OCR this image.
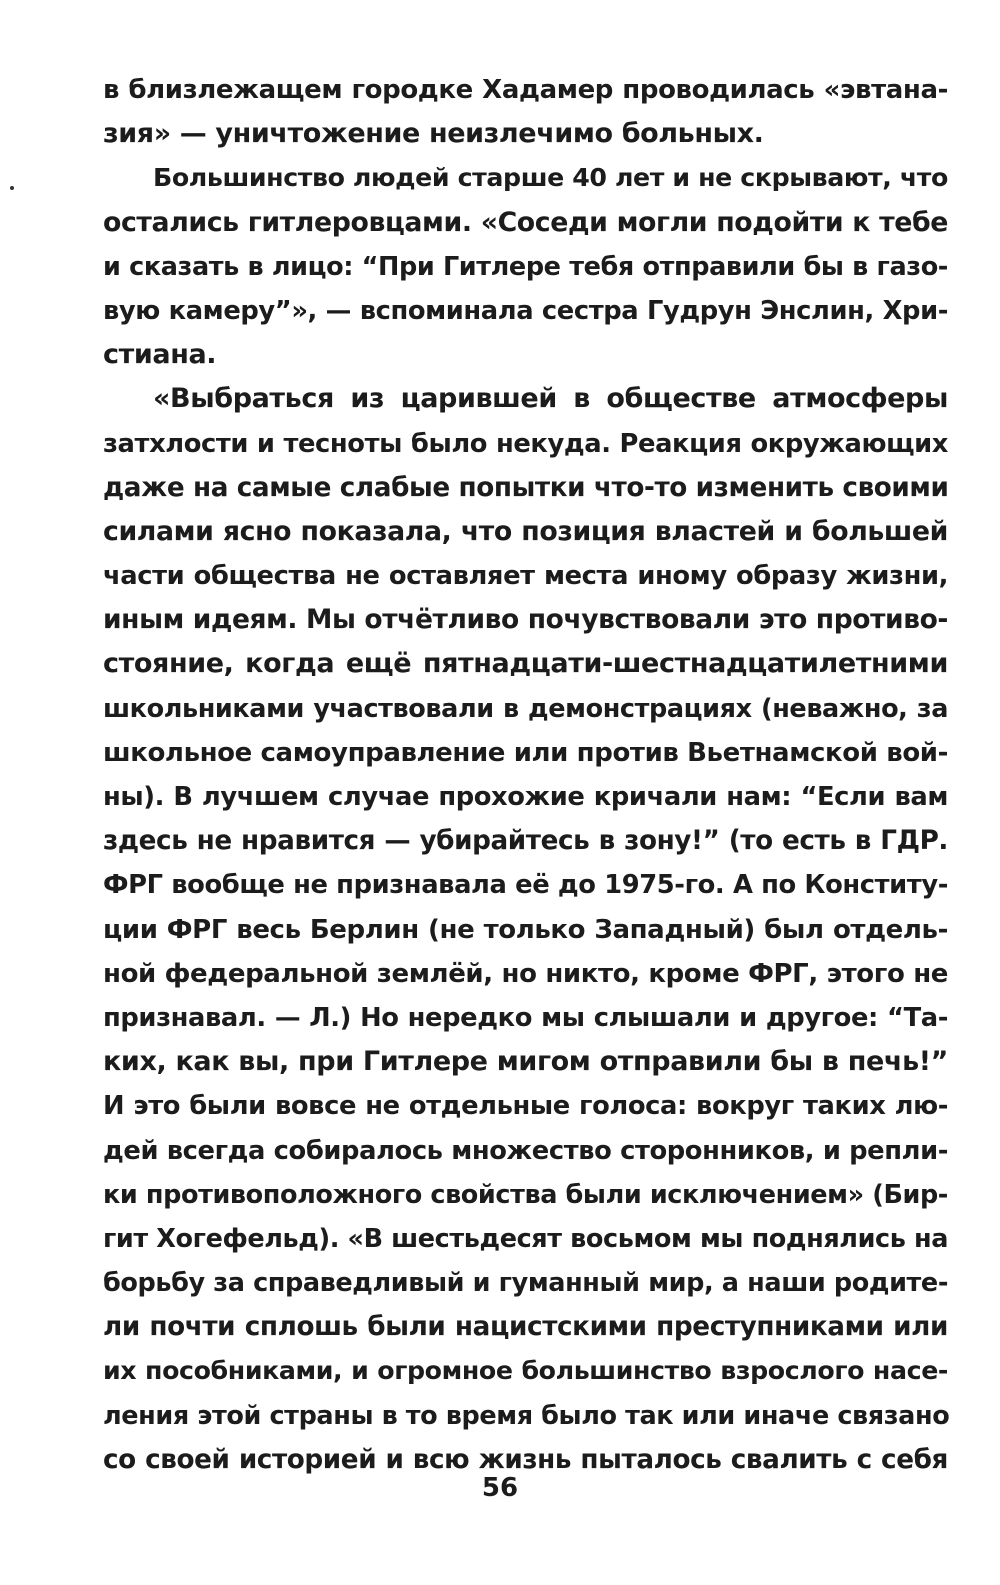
в близлежащем городке Хадамер проводилась «эвтана-
зия» — уничтожение неизлечимо больных.
Большинство людей старше 40 лет и не скрывают, что
остались гитлеровцами. «Соседи могли подойти к тебе
и сказать в лицо: “При Гитлере тебя отправили бы в газо-
вую камеру”», — вспоминала сестра Гудрун Энслин, Хри-
стиана.
«Выбраться из царившей в обществе атмосферы
затхлости и тесноты было некуда. Реакция окружающих
даже на самые слабые попытки что-то изменить своими
силами ясно показала, что позиция властей и большей
части общества не оставляет места иному образу жизни,
иным идеям. Мы отчётливо почувствовали это противо-
стояние, когда ещё пятнадцати-шестнадцатилетними
школьниками участвовали в демонстрациях (неважно, за
школьное самоуправление или против Вьетнамской вой-
ны). В лучшем случае прохожие кричали нам: “Если вам
здесь не нравится — убирайтесь в зону!” (то есть в ГДР.
ФРГ вообще не признавала её до 1975-го. А по Конститу-
ции ФРГ весь Берлин (не только Западный) был отдель-
ной федеральной землёй, но никто, кроме ФРГ, этого не
признавал. — Л.) Но нередко мы слышали и другое: “Та-
ких, как вы, при Гитлере мигом отправили бы в печь!”
И это были вовсе не отдельные голоса: вокруг таких лю-
дей всегда собиралось множество сторонников, и репли-
ки противоположного свойства были исключением» (Бир-
гит Хогефельд). «В шестьдесят восьмом мы поднялись на
борьбу за справедливый и гуманный мир, а наши родите-
ли почти сплошь были нацистскими преступниками или
их пособниками, и огромное большинство взрослого насе-
ления этой страны в то время было так или иначе связано
со своей историей и всю жизнь пыталось свалить с себя
56
